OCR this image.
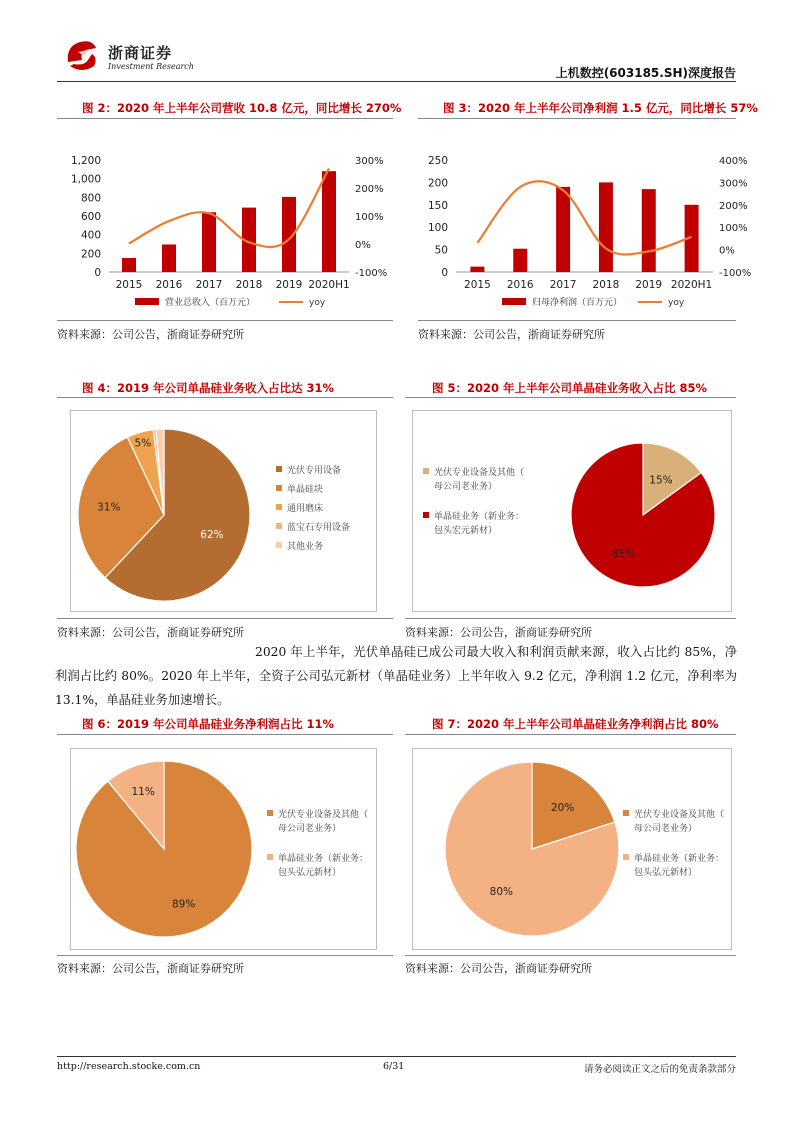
浙商证券
Investment Research	上机数控(603185.SH)深度报告
图 2：2020 年上半年公司营收 10.8 亿元，同比增长 270%
0
200
400
600
800
1,000
1,200
-100%
0%
100%
200%
300%
2015 2016 2017 2018 2019 2020H1
营业总收入（百万元）	yoy
资料来源：公司公告，浙商证券研究所
图 3：2020 年上半年公司净利润 1.5 亿元，同比增长 57%
0
50
100
150
200
250
-100%
0%
100%
200%
300%
400%
2015 2016 2017 2018 2019 2020H1
归母净利润（百万元）	yoy
资料来源：公司公告，浙商证券研究所
图 4：2019 年公司单晶硅业务收入占比达 31%
62%
31%
5%
光伏专用设备
单晶硅块
通用磨床
蓝宝石专用设备
其他业务
资料来源：公司公告，浙商证券研究所
图 5：2020 年上半年公司单晶硅业务收入占比 85%
15%
85%
光伏专业设备及其他（
母公司老业务）
单晶硅业务（新业务：
包头宏元新材）
资料来源：公司公告，浙商证券研究所
2020 年上半年，光伏单晶硅已成公司最大收入和利润贡献来源，收入占比约 85%，净利润占比约 80%。2020 年上半年，全资子公司弘元新材（单晶硅业务）上半年收入 9.2 亿元，净利润 1.2 亿元，净利率为 13.1%，单晶硅业务加速增长。
图 6：2019 年公司单晶硅业务净利润占比 11%
89%
11%
光伏专业设备及其他（
母公司老业务）
单晶硅业务（新业务：
包头弘元新材）
资料来源：公司公告，浙商证券研究所
图 7：2020 年上半年公司单晶硅业务净利润占比 80%
20%
80%
光伏专业设备及其他（
母公司老业务）
单晶硅业务（新业务：
包头弘元新材）
资料来源：公司公告，浙商证券研究所
http://research.stocke.com.cn	6/31	请务必阅读正文之后的免责条款部分
